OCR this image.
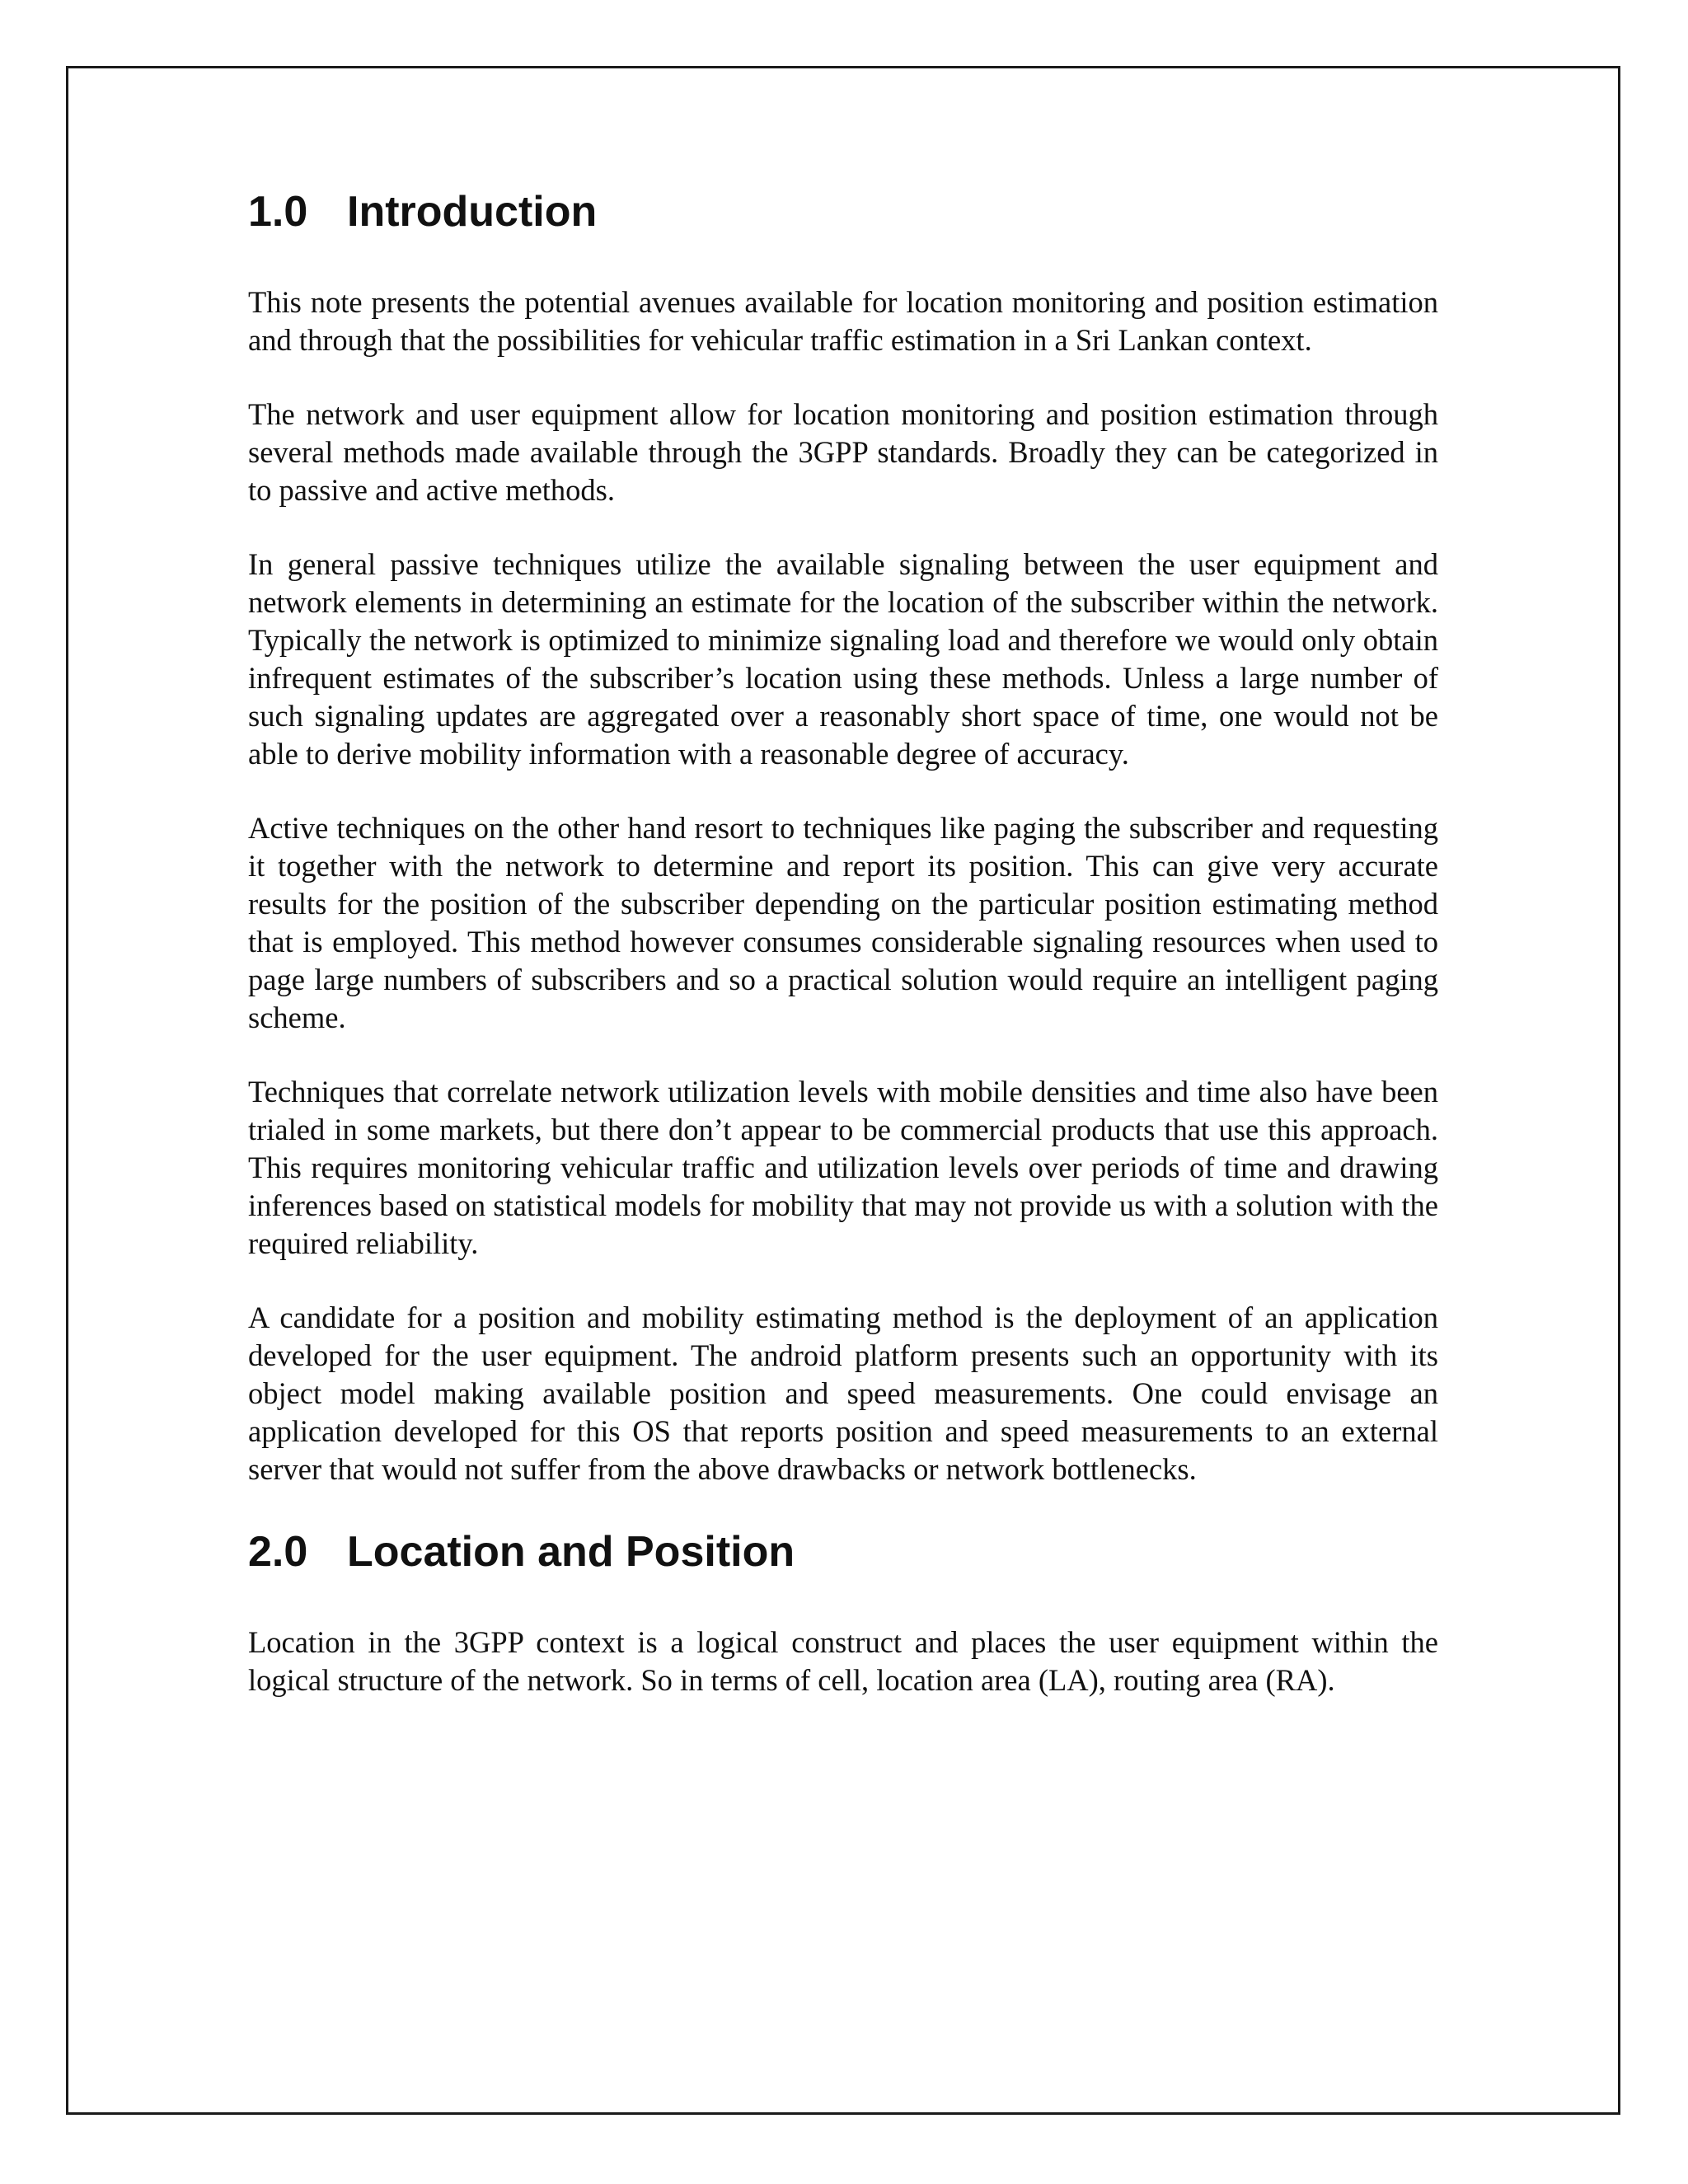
1.0 Introduction

This note presents the potential avenues available for location monitoring and position estimation and through that the possibilities for vehicular traffic estimation in a Sri Lankan context.

The network and user equipment allow for location monitoring and position estimation through several methods made available through the 3GPP standards. Broadly they can be categorized in to passive and active methods.

In general passive techniques utilize the available signaling between the user equipment and network elements in determining an estimate for the location of the subscriber within the network. Typically the network is optimized to minimize signaling load and therefore we would only obtain infrequent estimates of the subscriber’s location using these methods. Unless a large number of such signaling updates are aggregated over a reasonably short space of time, one would not be able to derive mobility information with a reasonable degree of accuracy.

Active techniques on the other hand resort to techniques like paging the subscriber and requesting it together with the network to determine and report its position. This can give very accurate results for the position of the subscriber depending on the particular position estimating method that is employed. This method however consumes considerable signaling resources when used to page large numbers of subscribers and so a practical solution would require an intelligent paging scheme.

Techniques that correlate network utilization levels with mobile densities and time also have been trialed in some markets, but there don’t appear to be commercial products that use this approach. This requires monitoring vehicular traffic and utilization levels over periods of time and drawing inferences based on statistical models for mobility that may not provide us with a solution with the required reliability.

A candidate for a position and mobility estimating method is the deployment of an application developed for the user equipment. The android platform presents such an opportunity with its object model making available position and speed measurements. One could envisage an application developed for this OS that reports position and speed measurements to an external server that would not suffer from the above drawbacks or network bottlenecks.

2.0 Location and Position

Location in the 3GPP context is a logical construct and places the user equipment within the logical structure of the network. So in terms of cell, location area (LA), routing area (RA).
